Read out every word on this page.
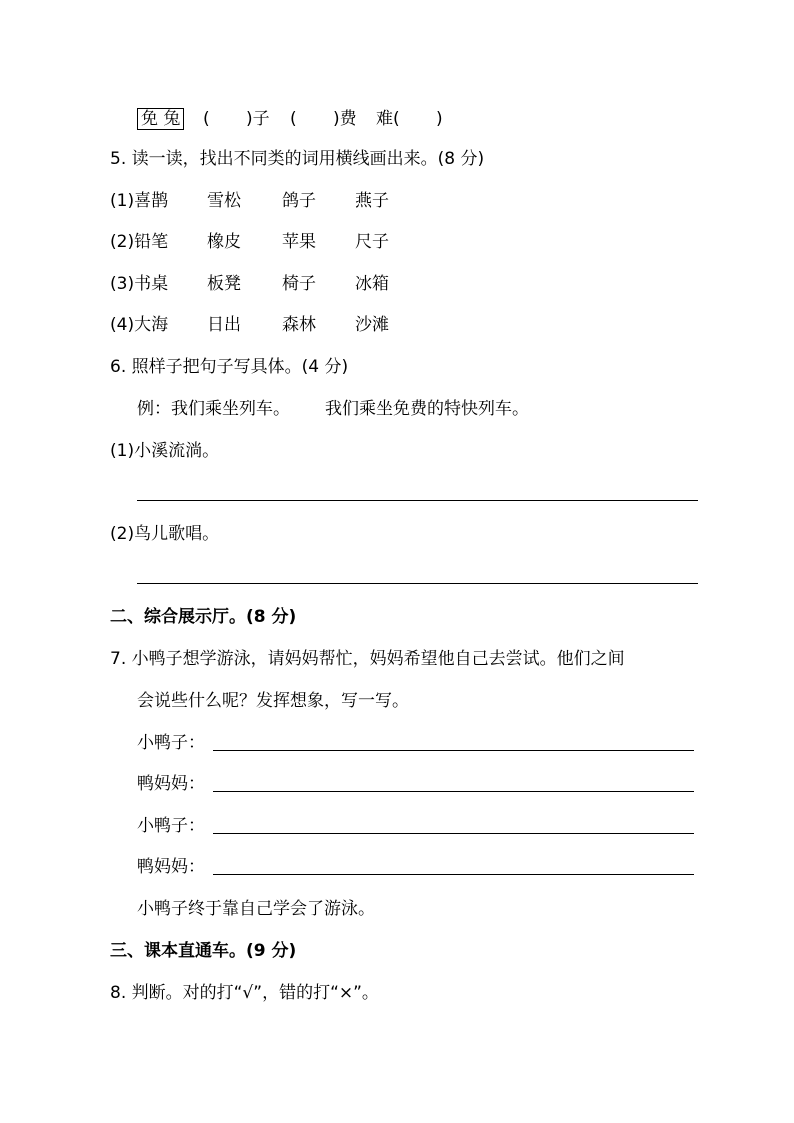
免 兔 ( )子 ( )费 难( )
5. 读一读，找出不同类的词用横线画出来。(8 分)
(1)喜鹊 雪松 鸽子 燕子
(2)铅笔 橡皮 苹果 尺子
(3)书桌 板凳 椅子 冰箱
(4)大海 日出 森林 沙滩
6. 照样子把句子写具体。(4 分)
例：我们乘坐列车。 我们乘坐免费的特快列车。
(1)小溪流淌。
(2)鸟儿歌唱。
二、综合展示厅。(8 分)
7. 小鸭子想学游泳，请妈妈帮忙，妈妈希望他自己去尝试。他们之间
会说些什么呢？发挥想象，写一写。
小鸭子：
鸭妈妈：
小鸭子：
鸭妈妈：
小鸭子终于靠自己学会了游泳。
三、课本直通车。(9 分)
8. 判断。对的打“√”，错的打“×”。
